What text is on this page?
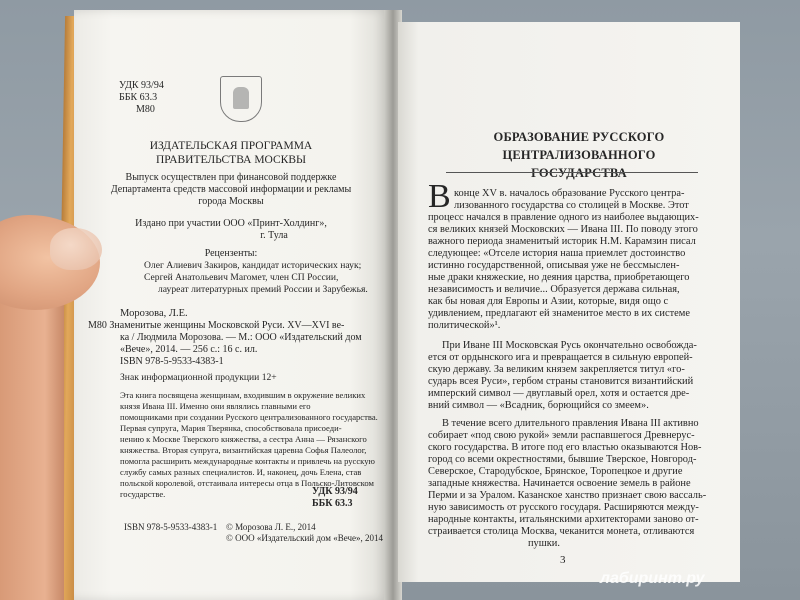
УДК 93/94
ББК 63.3
М80
ИЗДАТЕЛЬСКАЯ ПРОГРАММА
ПРАВИТЕЛЬСТВА МОСКВЫ
Выпуск осуществлен при финансовой поддержке
Департамента средств массовой информации и рекламы
города Москвы
Издано при участии ООО «Принт-Холдинг»,
г. Тула
Рецензенты:
Олег Алиевич Закиров, кандидат исторических наук;
Сергей Анатольевич Магомет, член СП России,
лауреат литературных премий России и Зарубежья.
Морозова, Л.Е.
М80 Знаменитые женщины Московской Руси. XV—XVI ве-
ка / Людмила Морозова. — М.: ООО «Издательский дом
«Вече», 2014. — 256 с.: 16 с. ил.
ISBN 978-5-9533-4383-1
Знак информационной продукции 12+
Эта книга посвящена женщинам, входившим в окружение великих
князя Ивана III. Именно они являлись главными его
помощниками при создании Русского централизованного государства.
Первая супруга, Мария Тверянка, способствовала присоеди-
нению к Москве Тверского княжества, а сестра Анна — Рязанского
княжества. Вторая супруга, византийская царевна Софья Палеолог,
помогла расширить международные контакты и привлечь на русскую
службу самых разных специалистов. И, наконец, дочь Елена, став
польской королевой, отстаивала интересы отца в Польско-Литовском
государстве.	УДК 93/94
ББК 63.3
ISBN 978-5-9533-4383-1 © Морозова Л. Е., 2014
© ООО «Издательский дом «Вече», 2014
ОБРАЗОВАНИЕ РУССКОГО
ЦЕНТРАЛИЗОВАННОГО ГОСУДАРСТВА
В конце XV в. началось образование Русского центра-
лизованного государства со столицей в Москве. Этот
процесс начался в правление одного из наиболее выдающих-
ся великих князей Московских — Ивана III. По поводу этого
важного периода знаменитый историк Н.М. Карамзин писал
следующее: «Отселе история наша приемлет достоинство
истинно государственной, описывая уже не бессмыслен-
ные драки княжеские, но деяния царства, приобретающего
независимость и величие... Образуется держава сильная,
как бы новая для Европы и Азии, которые, видя ощо с
удивлением, предлагают ей знаменитое место в их системе
политической»¹.
При Иване III Московская Русь окончательно освобожда-
ется от ордынского ига и превращается в сильную европей-
скую державу. За великим князем закрепляется титул «го-
сударь всея Руси», гербом страны становится византийский
имперский символ — двуглавый орел, хотя и остается дре-
вний символ — «Всадник, борющийся со змеем».
В течение всего длительного правления Ивана III активно
собирает «под свою рукой» земли распавшегося Древнерус-
ского государства. В итоге под его властью оказываются Нов-
город со всеми окрестностями, бывшие Тверское, Новгород-
Северское, Стародубское, Брянское, Торопецкое и другие
западные княжества. Начинается освоение земель в районе
Перми и за Уралом. Казанское ханство признает свою вассаль-
ную зависимость от русского государя. Расширяются между-
народные контакты, итальянскими архитекторами заново от-
страивается столица Москва, чеканится монета, отливаются
пушки.
3
лабиринт.ру
